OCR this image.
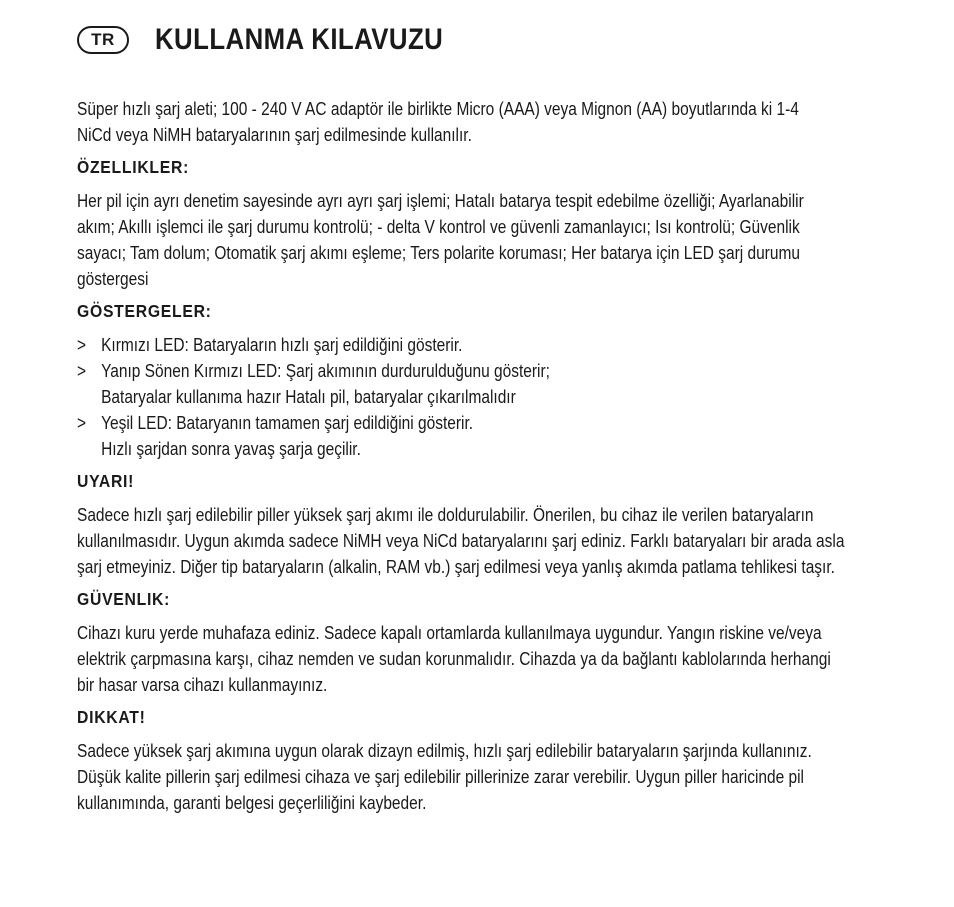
TR	KULLANMA KILAVUZU

Süper hızlı şarj aleti; 100 - 240 V AC adaptör ile birlikte Micro (AAA) veya Mignon (AA) boyutlarında ki 1-4
NiCd veya NiMH bataryalarının şarj edilmesinde kullanılır.

ÖZELLIKLER:

Her pil için ayrı denetim sayesinde ayrı ayrı şarj işlemi; Hatalı batarya tespit edebilme özelliği; Ayarlanabilir
akım; Akıllı işlemci ile şarj durumu kontrolü; - delta V kontrol ve güvenli zamanlayıcı; Isı kontrolü; Güvenlik
sayacı; Tam dolum; Otomatik şarj akımı eşleme; Ters polarite koruması; Her batarya için LED şarj durumu
göstergesi

GÖSTERGELER:
> Kırmızı LED: Bataryaların hızlı şarj edildiğini gösterir.
> Yanıp Sönen Kırmızı LED: Şarj akımının durdurulduğunu gösterir;
Bataryalar kullanıma hazır Hatalı pil, bataryalar çıkarılmalıdır
> Yeşil LED: Bataryanın tamamen şarj edildiğini gösterir.
Hızlı şarjdan sonra yavaş şarja geçilir.
UYARI!

Sadece hızlı şarj edilebilir piller yüksek şarj akımı ile doldurulabilir. Önerilen, bu cihaz ile verilen bataryaların
kullanılmasıdır. Uygun akımda sadece NiMH veya NiCd bataryalarını şarj ediniz. Farklı bataryaları bir arada asla
şarj etmeyiniz. Diğer tip bataryaların (alkalin, RAM vb.) şarj edilmesi veya yanlış akımda patlama tehlikesi taşır.

GÜVENLIK:

Cihazı kuru yerde muhafaza ediniz. Sadece kapalı ortamlarda kullanılmaya uygundur. Yangın riskine ve/veya
elektrik çarpmasına karşı, cihaz nemden ve sudan korunmalıdır. Cihazda ya da bağlantı kablolarında herhangi
bir hasar varsa cihazı kullanmayınız.

DIKKAT!

Sadece yüksek şarj akımına uygun olarak dizayn edilmiş, hızlı şarj edilebilir bataryaların şarjında kullanınız.
Düşük kalite pillerin şarj edilmesi cihaza ve şarj edilebilir pillerinize zarar verebilir. Uygun piller haricinde pil
kullanımında, garanti belgesi geçerliliğini kaybeder.
